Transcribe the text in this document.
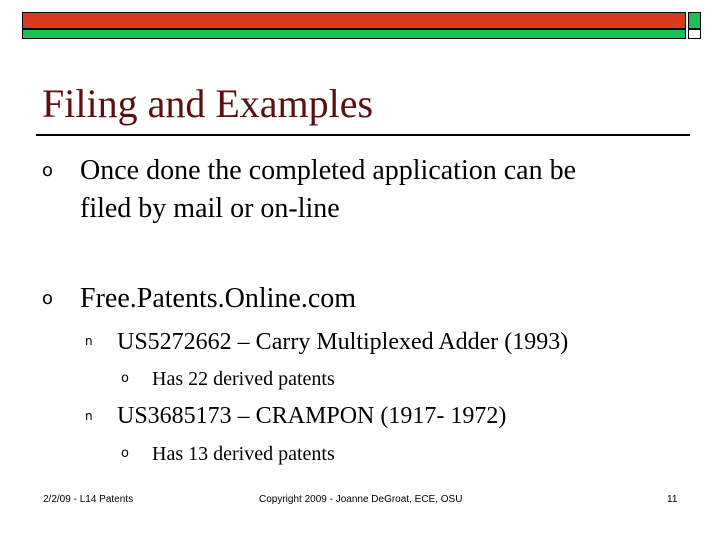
Filing and Examples
o Once done the completed application can be
filed by mail or on-line
o Free.Patents.Online.com
n US5272662 – Carry Multiplexed Adder (1993)
o Has 22 derived patents
n US3685173 – CRAMPON (1917- 1972)
o Has 13 derived patents
2/2/09 - L14 Patents	Copyright 2009 - Joanne DeGroat, ECE, OSU	11
